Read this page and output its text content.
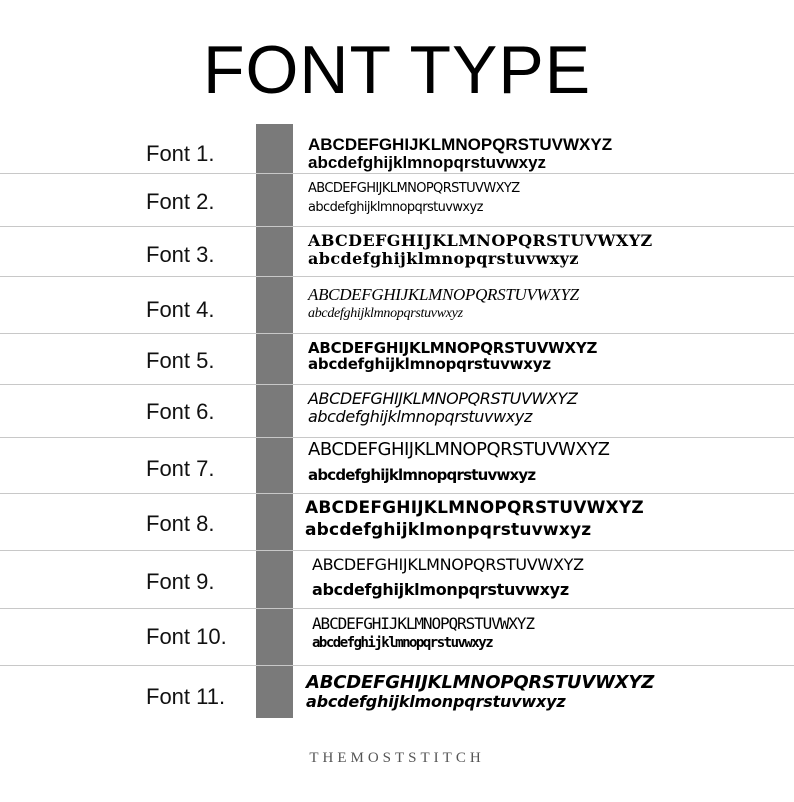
FONT TYPE
Font 1.	ABCDEFGHIJKLMNOPQRSTUVWXYZ
abcdefghijklmnopqrstuvwxyz
Font 2.
ABCDEFGHIJKLMNOPQRSTUVWXYZ
abcdefghijklmnopqrstuvwxyz
Font 3.
ABCDEFGHIJKLMNOPQRSTUVWXYZ
abcdefghijklmnopqrstuvwxyz
Font 4.
ABCDEFGHIJKLMNOPQRSTUVWXYZ
abcdefghijklmnopqrstuvwxyz
Font 5.	ABCDEFGHIJKLMNOPQRSTUVWXYZ
abcdefghijklmnopqrstuvwxyz
Font 6.
ABCDEFGHIJKLMNOPQRSTUVWXYZ
abcdefghijklmnopqrstuvwxyz
Font 7.
ABCDEFGHIJKLMNOPQRSTUVWXYZ
abcdefghijklmnopqrstuvwxyz
Font 8.
ABCDEFGHIJKLMNOPQRSTUVWXYZ
abcdefghijklmonpqrstuvwxyz
Font 9.
ABCDEFGHIJKLMNOPQRSTUVWXYZ
abcdefghijklmonpqrstuvwxyz
Font 10.
ABCDEFGHIJKLMNOPQRSTUVWXYZ
abcdefghijklmnopqrstuvwxyz
Font 11.
ABCDEFGHIJKLMNOPQRSTUVWXYZ
abcdefghijklmonpqrstuvwxyz
THEMOSTSTITCH
